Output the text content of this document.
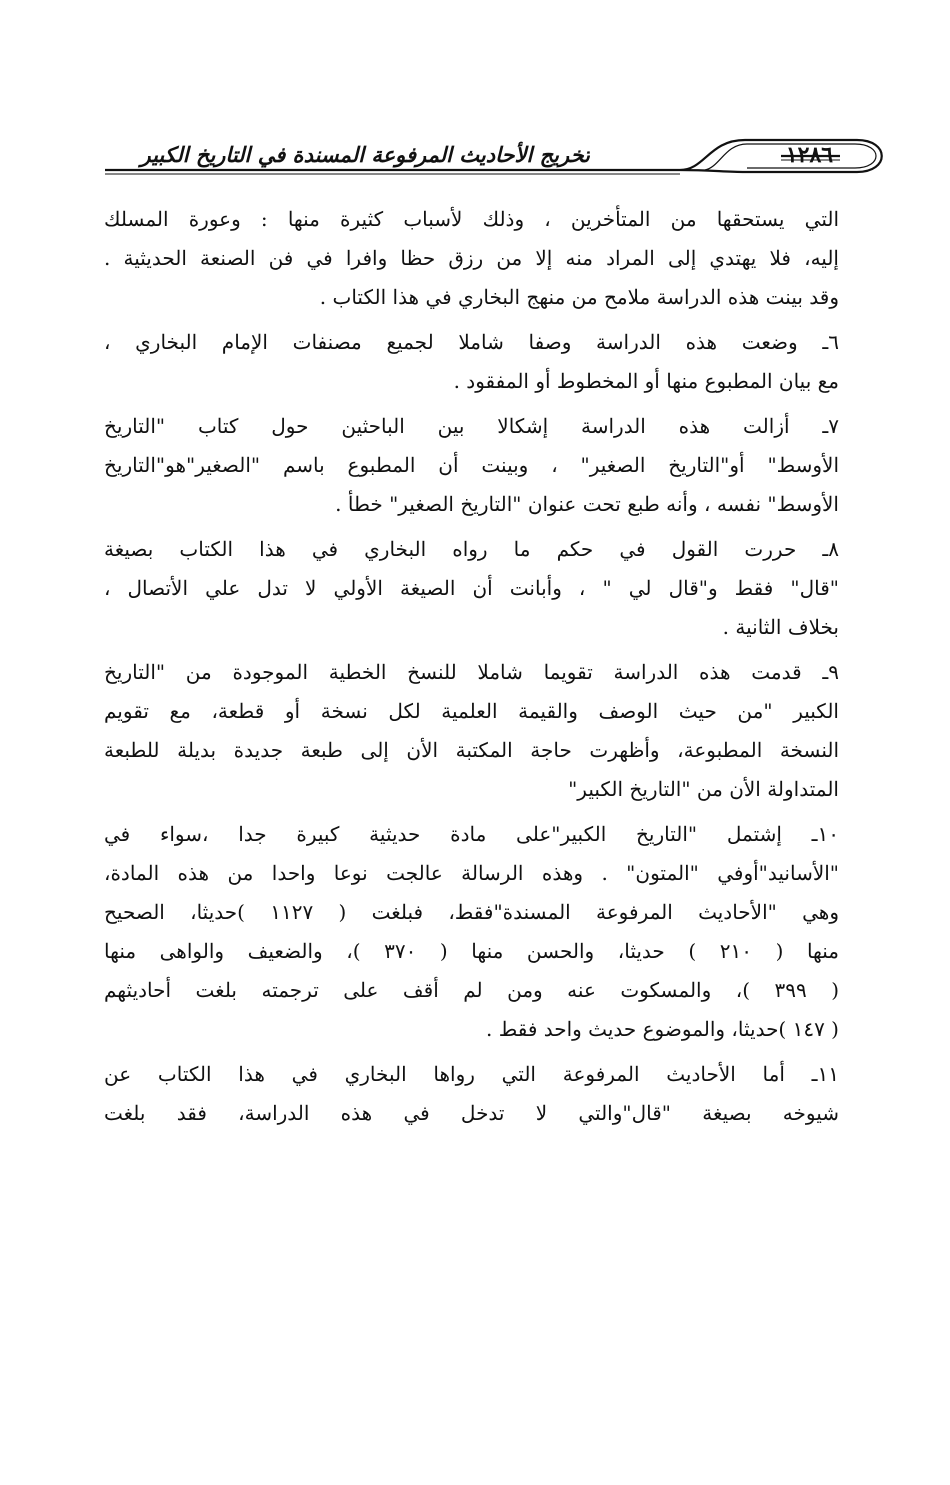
١٢٨٦
تخريج الأحاديث المرفوعة المسندة في التاريخ الكبير
التي يستحقها من المتأخرين ، وذلك لأسباب كثيرة منها : وعورة المسلك
إليه، فلا يهتدي إلى المراد منه إلا من رزق حظا وافرا في فن الصنعة الحديثية .
وقد بينت هذه الدراسة ملامح من منهج البخاري في هذا الكتاب .
٦ـ وضعت هذه الدراسة وصفا شاملا لجميع مصنفات الإمام البخاري ،
مع بيان المطبوع منها أو المخطوط أو المفقود .
٧ـ أزالت هذه الدراسة إشكالا بين الباحثين حول كتاب "التاريخ
الأوسط" أو"التاريخ الصغير" ، وبينت أن المطبوع باسم "الصغير"هو"التاريخ
الأوسط" نفسه ، وأنه طبع تحت عنوان "التاريخ الصغير" خطأ .
٨ـ حررت القول في حكم ما رواه البخاري في هذا الكتاب بصيغة
"قال" فقط و"قال لي " ، وأبانت أن الصيغة الأولي لا تدل علي الأتصال ،
بخلاف الثانية .
٩ـ قدمت هذه الدراسة تقويما شاملا للنسخ الخطية الموجودة من "التاريخ
الكبير "من حيث الوصف والقيمة العلمية لكل نسخة أو قطعة، مع تقويم
النسخة المطبوعة، وأظهرت حاجة المكتبة الأن إلى طبعة جديدة بديلة للطبعة
المتداولة الأن من "التاريخ الكبير"
١٠ـ إشتمل "التاريخ الكبير"على مادة حديثية كبيرة جدا ،سواء في
"الأسانيد"أوفي "المتون" . وهذه الرسالة عالجت نوعا واحدا من هذه المادة،
وهي "الأحاديث المرفوعة المسندة"فقط، فبلغت ( ١١٢٧ )حديثا، الصحيح
منها ( ٢١٠ ) حديثا، والحسن منها ( ٣٧٠ )، والضعيف والواهى منها
( ٣٩٩ )، والمسكوت عنه ومن لم أقف على ترجمته بلغت أحاديثهم
( ١٤٧ )حديثا، والموضوع حديث واحد فقط .
١١ـ أما الأحاديث المرفوعة التي رواها البخاري في هذا الكتاب عن
شيوخه بصيغة "قال"والتي لا تدخل في هذه الدراسة، فقد بلغت
